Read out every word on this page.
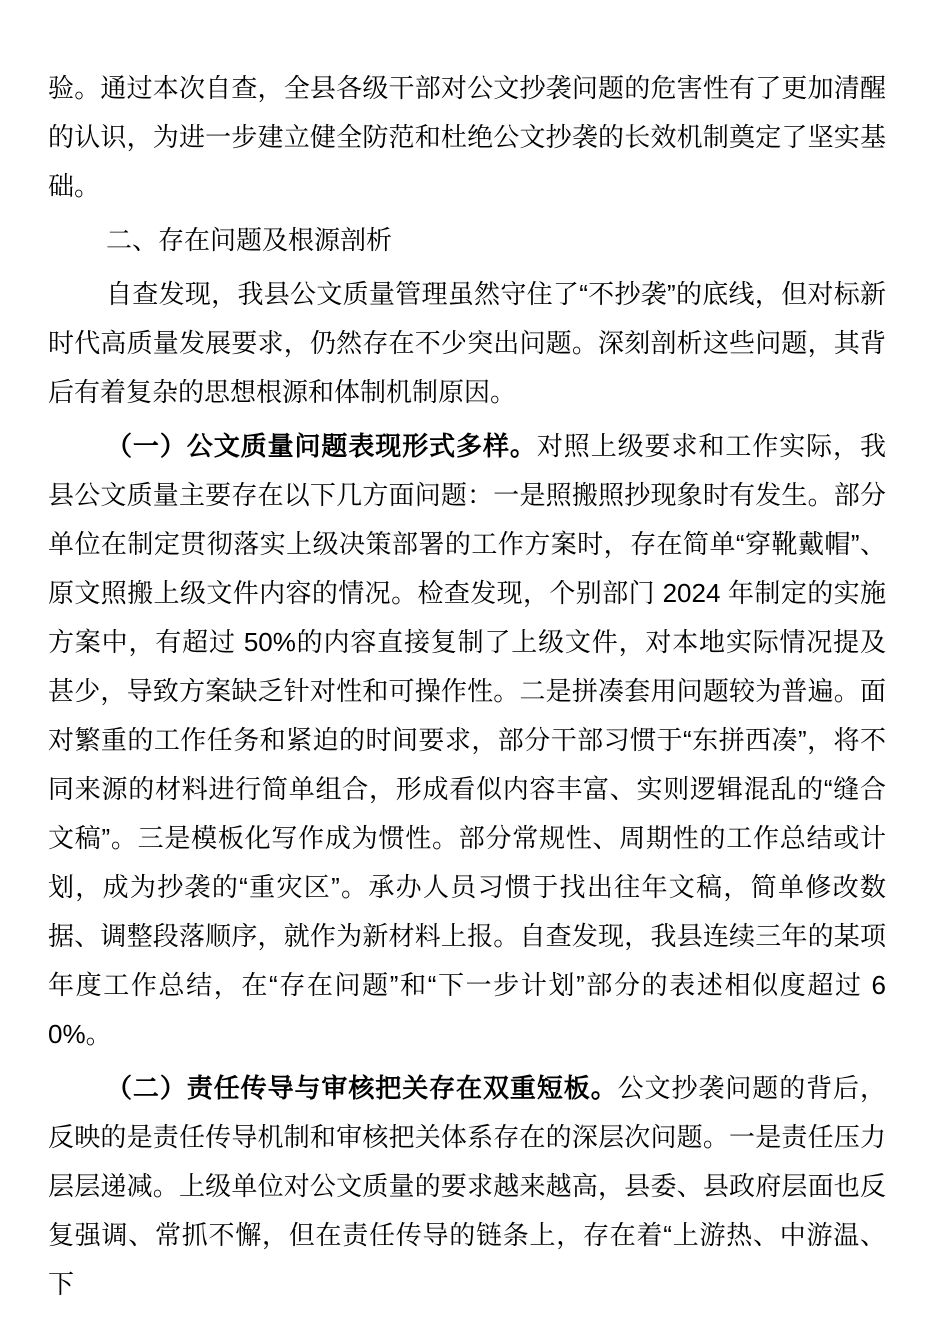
验。通过本次自查，全县各级干部对公文抄袭问题的危害性有了更加清醒的认识，为进一步建立健全防范和杜绝公文抄袭的长效机制奠定了坚实基础。

二、存在问题及根源剖析

自查发现，我县公文质量管理虽然守住了“不抄袭”的底线，但对标新时代高质量发展要求，仍然存在不少突出问题。深刻剖析这些问题，其背后有着复杂的思想根源和体制机制原因。

（一）公文质量问题表现形式多样。对照上级要求和工作实际，我县公文质量主要存在以下几方面问题：一是照搬照抄现象时有发生。部分单位在制定贯彻落实上级决策部署的工作方案时，存在简单“穿靴戴帽”、原文照搬上级文件内容的情况。检查发现，个别部门 2024 年制定的实施方案中，有超过 50%的内容直接复制了上级文件，对本地实际情况提及甚少，导致方案缺乏针对性和可操作性。二是拼凑套用问题较为普遍。面对繁重的工作任务和紧迫的时间要求，部分干部习惯于“东拼西凑”，将不同来源的材料进行简单组合，形成看似内容丰富、实则逻辑混乱的“缝合文稿”。三是模板化写作成为惯性。部分常规性、周期性的工作总结或计划，成为抄袭的“重灾区”。承办人员习惯于找出往年文稿，简单修改数据、调整段落顺序，就作为新材料上报。自查发现，我县连续三年的某项年度工作总结，在“存在问题”和“下一步计划”部分的表述相似度超过 60%。

（二）责任传导与审核把关存在双重短板。公文抄袭问题的背后，反映的是责任传导机制和审核把关体系存在的深层次问题。一是责任压力层层递减。上级单位对公文质量的要求越来越高，县委、县政府层面也反复强调、常抓不懈，但在责任传导的链条上，存在着“上游热、中游温、下
